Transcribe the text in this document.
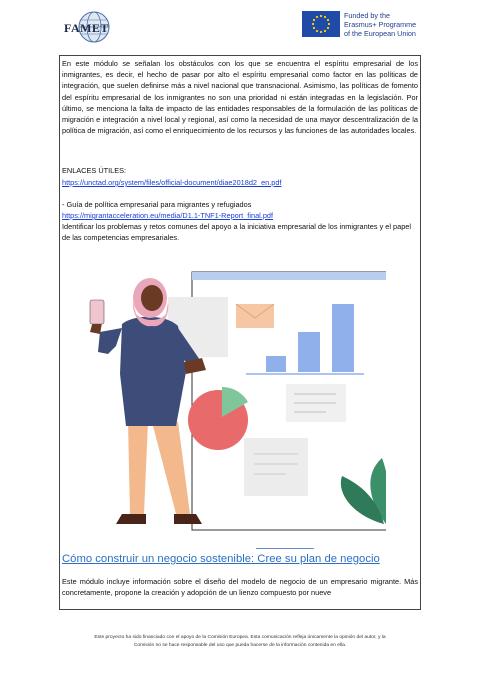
FAMET
Funded by the
Erasmus+ Programme
of the European Union
En este módulo se señalan los obstáculos con los que se encuentra el espíritu empresarial de los inmigrantes, es decir, el hecho de pasar por alto el espíritu empresarial como factor en las políticas de integración, que suelen definirse más a nivel nacional que transnacional. Asimismo, las políticas de fomento del espíritu empresarial de los inmigrantes no son una prioridad ni están integradas en la legislación. Por último, se menciona la falta de impacto de las entidades responsables de la formulación de las políticas de migración e integración a nivel local y regional, así como la necesidad de una mayor descentralización de la política de migración, así como el enriquecimiento de los recursos y las funciones de las autoridades locales.
ENLACES ÚTILES:
https://unctad.org/system/files/official-document/diae2018d2_en.pdf
- Guía de política empresarial para migrantes y refugiados
https://migrantacceleration.eu/media/D1.1-TNF1-Report_final.pdf
Identificar los problemas y retos comunes del apoyo a la iniciativa empresarial de los inmigrantes y el papel de las competencias empresariales.
Cómo construir un negocio sostenible: Cree su plan de negocio
Este módulo incluye información sobre el diseño del modelo de negocio de un empresario migrante. Más concretamente, propone la creación y adopción de un lienzo compuesto por nueve
Este proyecto ha sido financiado con el apoyo de la Comisión Europea. Esta comunicación refleja únicamente la opinión del autor, y la
Comisión no se hace responsable del uso que pueda hacerse de la información contenida en ella.
